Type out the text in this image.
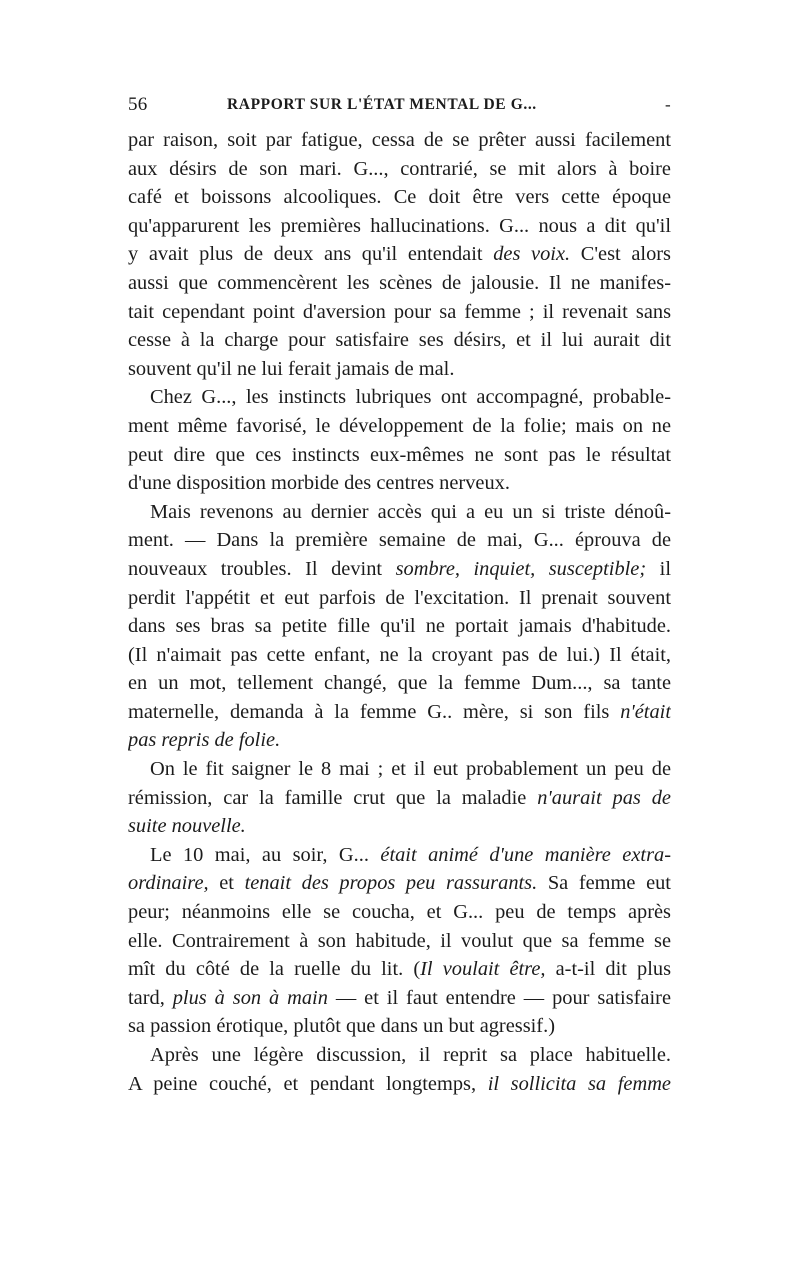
56	RAPPORT SUR L'ÉTAT MENTAL DE G...	-
par raison, soit par fatigue, cessa de se prêter aussi facilement
aux désirs de son mari. G..., contrarié, se mit alors à boire
café et boissons alcooliques. Ce doit être vers cette époque
qu'apparurent les premières hallucinations. G... nous a dit qu'il
y avait plus de deux ans qu'il entendait des voix. C'est alors
aussi que commencèrent les scènes de jalousie. Il ne manifes-
tait cependant point d'aversion pour sa femme ; il revenait sans
cesse à la charge pour satisfaire ses désirs, et il lui aurait dit
souvent qu'il ne lui ferait jamais de mal.
Chez G..., les instincts lubriques ont accompagné, probable-
ment même favorisé, le développement de la folie; mais on ne
peut dire que ces instincts eux-mêmes ne sont pas le résultat
d'une disposition morbide des centres nerveux.
Mais revenons au dernier accès qui a eu un si triste dénoû-
ment. — Dans la première semaine de mai, G... éprouva de
nouveaux troubles. Il devint sombre, inquiet, susceptible; il
perdit l'appétit et eut parfois de l'excitation. Il prenait souvent
dans ses bras sa petite fille qu'il ne portait jamais d'habitude.
(Il n'aimait pas cette enfant, ne la croyant pas de lui.) Il était,
en un mot, tellement changé, que la femme Dum..., sa tante
maternelle, demanda à la femme G.. mère, si son fils n'était
pas repris de folie.
On le fit saigner le 8 mai ; et il eut probablement un peu de
rémission, car la famille crut que la maladie n'aurait pas de
suite nouvelle.
Le 10 mai, au soir, G... était animé d'une manière extra-
ordinaire, et tenait des propos peu rassurants. Sa femme eut
peur; néanmoins elle se coucha, et G... peu de temps après
elle. Contrairement à son habitude, il voulut que sa femme se
mît du côté de la ruelle du lit. (Il voulait être, a-t-il dit plus
tard, plus à son à main — et il faut entendre — pour satisfaire
sa passion érotique, plutôt que dans un but agressif.)
Après une légère discussion, il reprit sa place habituelle.
A peine couché, et pendant longtemps, il sollicita sa femme
